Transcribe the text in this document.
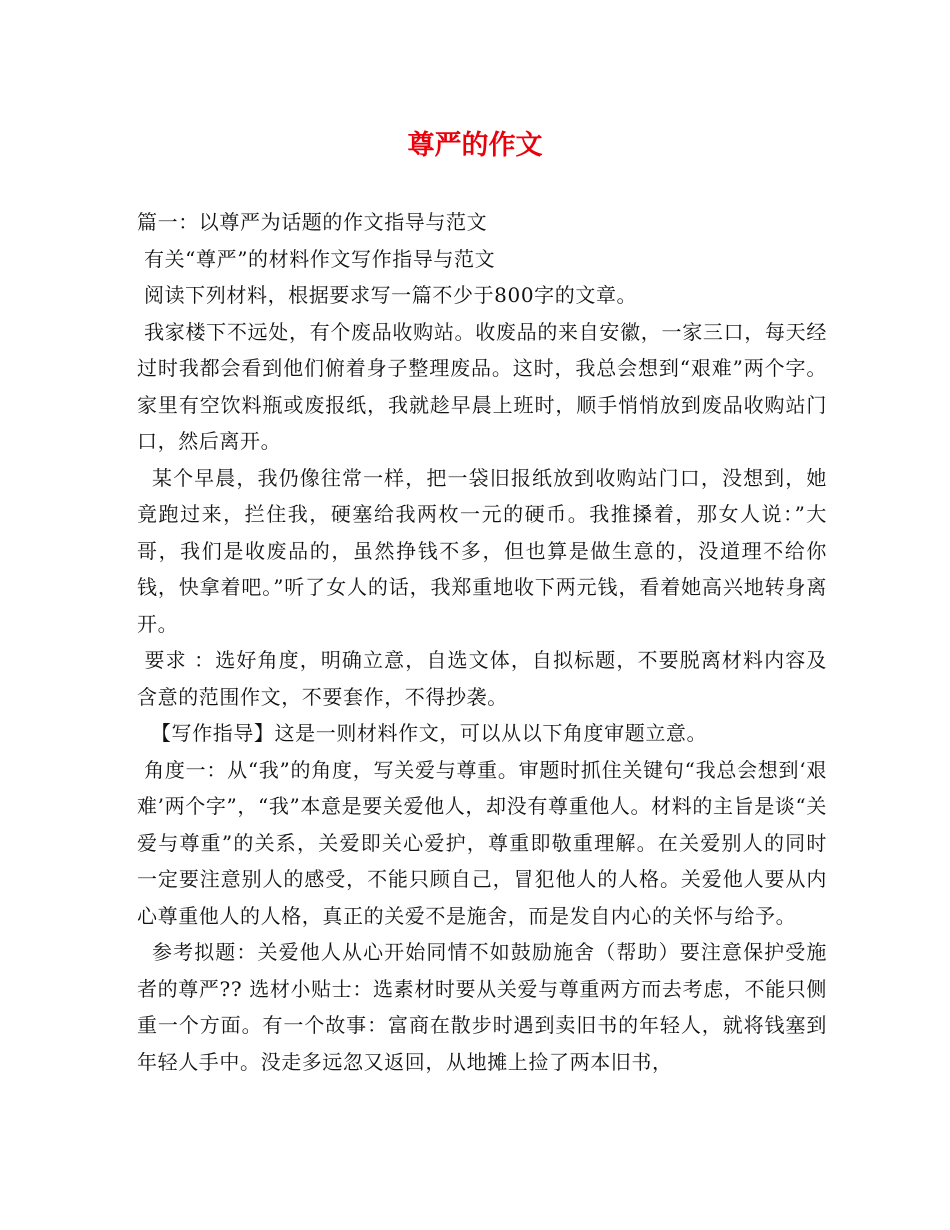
尊严的作文

篇一：以尊严为话题的作文指导与范文

有关“尊严”的材料作文写作指导与范文

阅读下列材料，根据要求写一篇不少于800字的文章。

我家楼下不远处，有个废品收购站。收废品的来自安徽，一家三口，每天经过时我都会看到他们俯着身子整理废品。这时，我总会想到“艰难”两个字。家里有空饮料瓶或废报纸，我就趁早晨上班时，顺手悄悄放到废品收购站门口，然后离开。

某个早晨，我仍像往常一样，把一袋旧报纸放到收购站门口，没想到，她竟跑过来，拦住我，硬塞给我两枚一元的硬币。我推搡着，那女人说：”大哥，我们是收废品的，虽然挣钱不多，但也算是做生意的，没道理不给你钱，快拿着吧。”听了女人的话，我郑重地收下两元钱，看着她高兴地转身离开。

要求 ：选好角度，明确立意，自选文体，自拟标题，不要脱离材料内容及含意的范围作文，不要套作，不得抄袭。

【写作指导】这是一则材料作文，可以从以下角度审题立意。

角度一：从“我”的角度，写关爱与尊重。审题时抓住关键句“我总会想到‘艰难’两个字”，“我”本意是要关爱他人，却没有尊重他人。材料的主旨是谈“关爱与尊重”的关系，关爱即关心爱护，尊重即敬重理解。在关爱别人的同时一定要注意别人的感受，不能只顾自己，冒犯他人的人格。关爱他人要从内心尊重他人的人格，真正的关爱不是施舍，而是发自内心的关怀与给予。

参考拟题：关爱他人从心开始同情不如鼓励施舍（帮助）要注意保护受施者的尊严?? 选材小贴士：选素材时要从关爱与尊重两方而去考虑，不能只侧重一个方面。有一个故事：富商在散步时遇到卖旧书的年轻人，就将钱塞到年轻人手中。没走多远忽又返回，从地摊上捡了两本旧书，
